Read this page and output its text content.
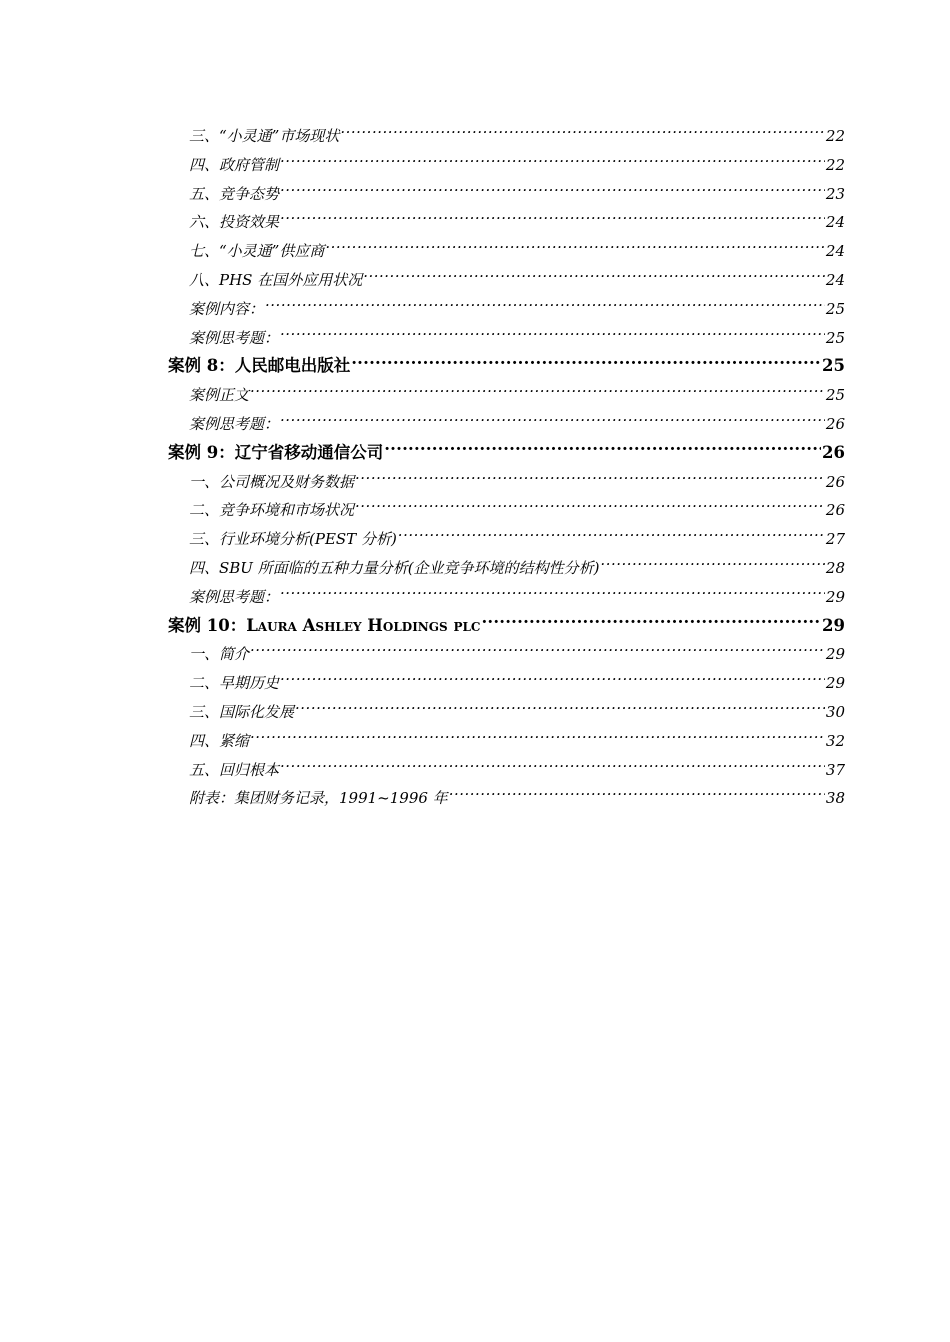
三、“小灵通”市场现状 .....	22
四、政府管制 .....	22
五、竞争态势 .....	23
六、投资效果 .....	24
七、“小灵通”供应商 .....	24
八、PHS 在国外应用状况 .....	24
案例内容： .....	25
案例思考题： .....	25
案例 8：人民邮电出版社 .....	25
案例正文 .....	25
案例思考题： .....	26
案例 9：辽宁省移动通信公司 .....	26
一、公司概况及财务数据 .....	26
二、竞争环境和市场状况 .....	26
三、行业环境分析(PEST 分析) .....	27
四、SBU 所面临的五种力量分析(企业竞争环境的结构性分析) .....	28
案例思考题： .....	29
案例 10：Laura Ashley Holdings plc .....	29
一、简介 .....	29
二、早期历史 .....	29
三、国际化发展 .....	30
四、紧缩 .....	32
五、回归根本 .....	37
附表：集团财务记录，1991~1996 年 .....	38
